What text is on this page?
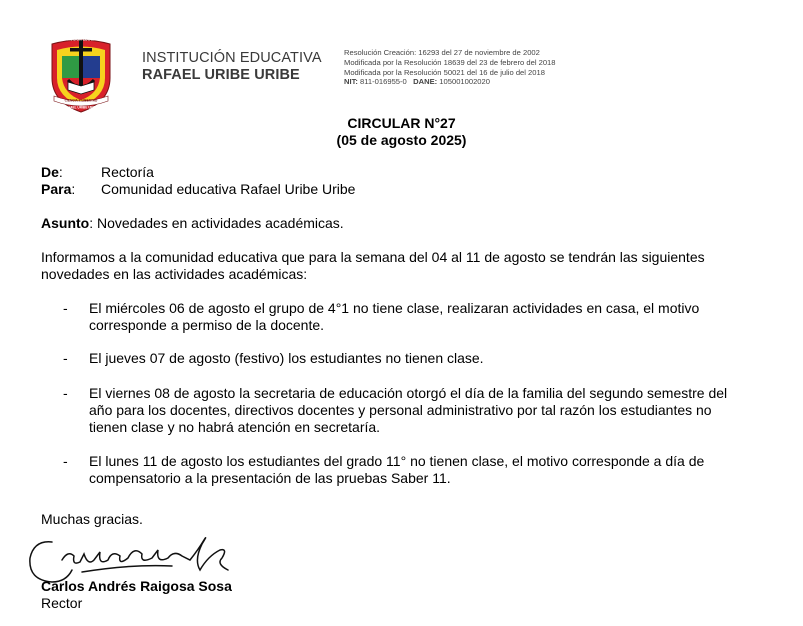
INSTITUCION EDUCATIVA
CIENCIA Y LIBERTAD
RAFAEL URIBE URIBE
INSTITUCIÓN EDUCATIVA
RAFAEL URIBE URIBE
Resolución Creación: 16293 del 27 de noviembre de 2002
Modificada por la Resolución 18639 del 23 de febrero del 2018
Modificada por la Resolución 50021 del 16 de julio del 2018
NIT: 811-016955-0 DANE: 105001002020
CIRCULAR N°27
(05 de agosto 2025)
De:	Rectoría
Para: Comunidad educativa Rafael Uribe Uribe
Asunto: Novedades en actividades académicas.
Informamos a la comunidad educativa que para la semana del 04 al 11 de agosto se tendrán las siguientes
novedades en las actividades académicas:
- El miércoles 06 de agosto el grupo de 4°1 no tiene clase, realizaran actividades en casa, el motivo
corresponde a permiso de la docente.
- El jueves 07 de agosto (festivo) los estudiantes no tienen clase.
- El viernes 08 de agosto la secretaria de educación otorgó el día de la familia del segundo semestre del
año para los docentes, directivos docentes y personal administrativo por tal razón los estudiantes no
tienen clase y no habrá atención en secretaría.
- El lunes 11 de agosto los estudiantes del grado 11° no tienen clase, el motivo corresponde a día de
compensatorio a la presentación de las pruebas Saber 11.
Muchas gracias.
Carlos Andrés Raigosa Sosa
Rector
